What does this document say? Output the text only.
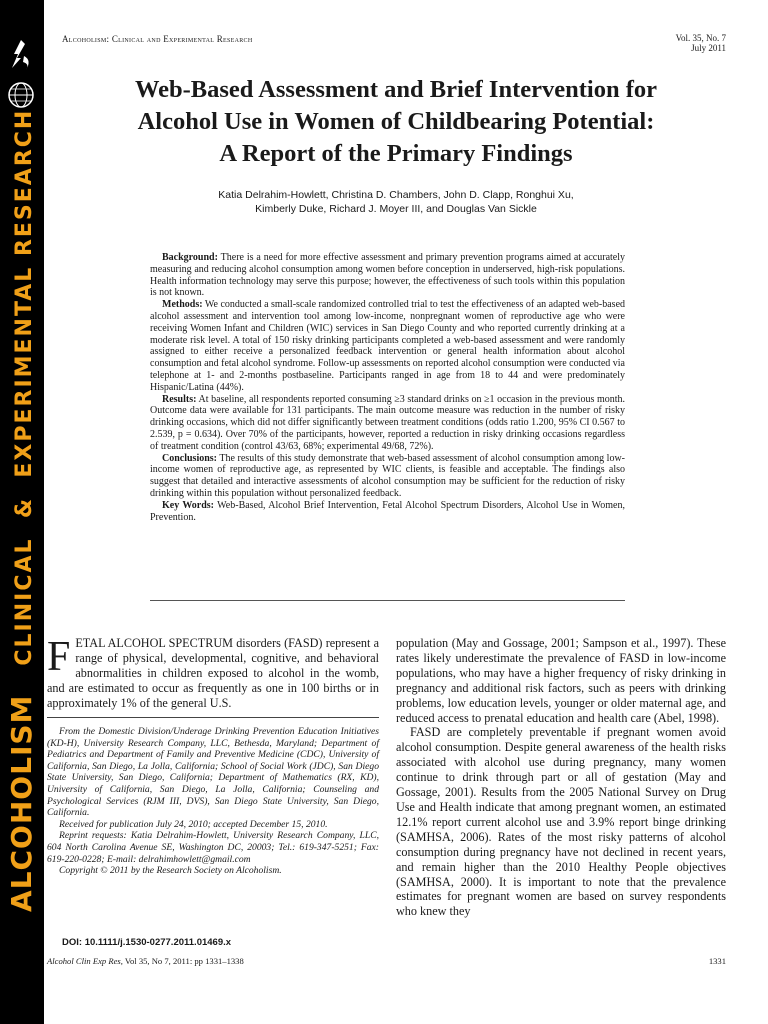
ALCOHOLISM   CLINICAL  &  EXPERIMENTAL RESEARCH
Alcoholism: Clinical and Experimental Research	Vol. 35, No. 7
July 2011
Web-Based Assessment and Brief Intervention for
Alcohol Use in Women of Childbearing Potential:
A Report of the Primary Findings
Katia Delrahim-Howlett, Christina D. Chambers, John D. Clapp, Ronghui Xu,
Kimberly Duke, Richard J. Moyer III, and Douglas Van Sickle

Background: There is a need for more effective assessment and primary prevention programs aimed at accurately measuring and reducing alcohol consumption among women before conception in underserved, high-risk populations. Health information technology may serve this purpose; however, the effectiveness of such tools within this population is not known.

Methods: We conducted a small-scale randomized controlled trial to test the effectiveness of an adapted web-based alcohol assessment and intervention tool among low-income, nonpregnant women of reproductive age who were receiving Women Infant and Children (WIC) services in San Diego County and who reported currently drinking at a moderate risk level. A total of 150 risky drinking participants completed a web-based assessment and were randomly assigned to either receive a personalized feedback intervention or general health information about alcohol consumption and fetal alcohol syndrome. Follow-up assessments on reported alcohol consumption were conducted via telephone at 1- and 2-months postbaseline. Participants ranged in age from 18 to 44 and were predominately Hispanic/Latina (44%).

Results: At baseline, all respondents reported consuming ≥3 standard drinks on ≥1 occasion in the previous month. Outcome data were available for 131 participants. The main outcome measure was reduction in the number of risky drinking occasions, which did not differ significantly between treatment conditions (odds ratio 1.200, 95% CI 0.567 to 2.539, p = 0.634). Over 70% of the participants, however, reported a reduction in risky drinking occasions regardless of treatment condition (control 43/63, 68%; experimental 49/68, 72%).

Conclusions: The results of this study demonstrate that web-based assessment of alcohol consumption among low-income women of reproductive age, as represented by WIC clients, is feasible and acceptable. The findings also suggest that detailed and interactive assessments of alcohol consumption may be sufficient for the reduction of risky drinking within this population without personalized feedback.

Key Words: Web-Based, Alcohol Brief Intervention, Fetal Alcohol Spectrum Disorders, Alcohol Use in Women, Prevention.

FETAL ALCOHOL SPECTRUM disorders (FASD) represent a range of physical, developmental, cognitive, and behavioral abnormalities in children exposed to alcohol in the womb, and are estimated to occur as frequently as one in 100 births or in approximately 1% of the general U.S.

From the Domestic Division/Underage Drinking Prevention Education Initiatives (KD-H), University Research Company, LLC, Bethesda, Maryland; Department of Pediatrics and Department of Family and Preventive Medicine (CDC), University of California, San Diego, La Jolla, California; School of Social Work (JDC), San Diego State University, San Diego, California; Department of Mathematics (RX, KD), University of California, San Diego, La Jolla, California; Counseling and Psychological Services (RJM III, DVS), San Diego State University, San Diego, California.

Received for publication July 24, 2010; accepted December 15, 2010.

Reprint requests: Katia Delrahim-Howlett, University Research Company, LLC, 604 North Carolina Avenue SE, Washington DC, 20003; Tel.: 619-347-5251; Fax: 619-220-0228; E-mail: delrahimhowlett@gmail.com

Copyright © 2011 by the Research Society on Alcoholism.

DOI: 10.1111/j.1530-0277.2011.01469.x

population (May and Gossage, 2001; Sampson et al., 1997). These rates likely underestimate the prevalence of FASD in low-income populations, who may have a higher frequency of risky drinking in pregnancy and additional risk factors, such as peers with drinking problems, low education levels, younger or older maternal age, and reduced access to prenatal education and health care (Abel, 1998).

FASD are completely preventable if pregnant women avoid alcohol consumption. Despite general awareness of the health risks associated with alcohol use during pregnancy, many women continue to drink through part or all of gestation (May and Gossage, 2001). Results from the 2005 National Survey on Drug Use and Health indicate that among pregnant women, an estimated 12.1% report current alcohol use and 3.9% report binge drinking (SAMHSA, 2006). Rates of the most risky patterns of alcohol consumption during pregnancy have not declined in recent years, and remain higher than the 2010 Healthy People objectives (SAMHSA, 2000). It is important to note that the prevalence estimates for pregnant women are based on survey respondents who knew they

Alcohol Clin Exp Res, Vol 35, No 7, 2011: pp 1331–1338	1331
